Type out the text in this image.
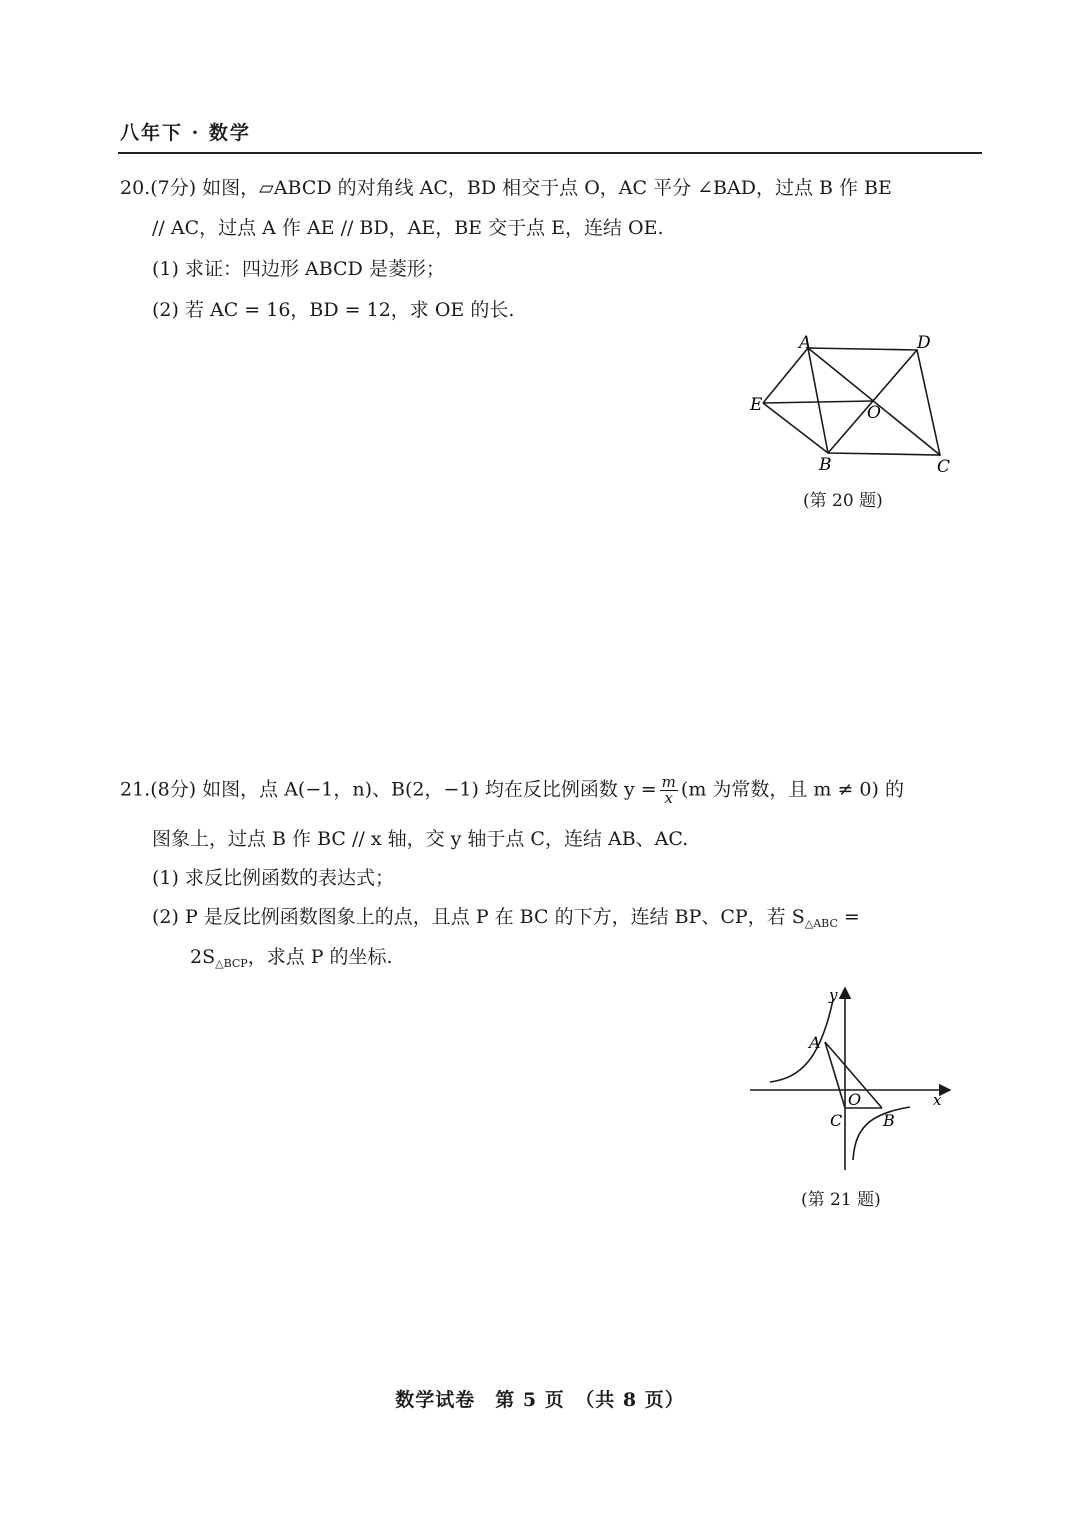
八年下 · 数学
20.(7分) 如图，▱ABCD 的对角线 AC，BD 相交于点 O，AC 平分 ∠BAD，过点 B 作 BE
// AC，过点 A 作 AE // BD，AE，BE 交于点 E，连结 OE.
(1) 求证：四边形 ABCD 是菱形；
(2) 若 AC = 16，BD = 12，求 OE 的长.
A	D
E	O
B	C
(第 20 题)
21.(8分) 如图，点 A(−1，n)、B(2，−1) 均在反比例函数 $y = \frac{m}{x} (m$ 为常数，且 m ≠ 0) 的
图象上，过点 B 作 BC // x 轴，交 y 轴于点 C，连结 AB、AC.
(1) 求反比例函数的表达式；
(2) P 是反比例函数图象上的点，且点 P 在 BC 的下方，连结 BP、CP，若 $S_{\triangle ABC}$ =
$2S_{\triangle BCP}$，求点 P 的坐标.
y
x
A
O
C	B
(第 21 题)
数学试卷　第 5 页　（共 8 页）
